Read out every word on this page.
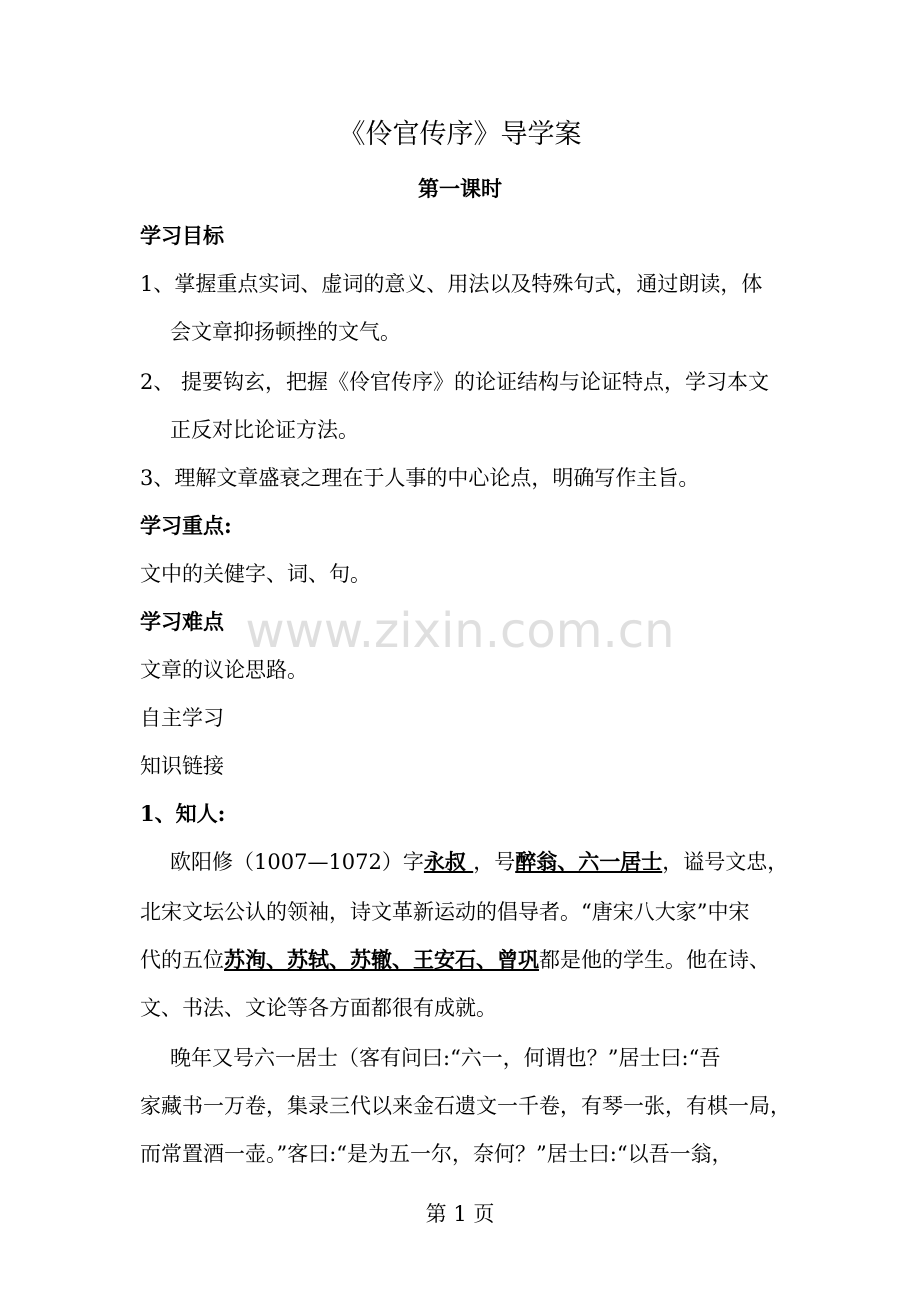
《伶官传序》导学案
第一课时
学习目标
1、掌握重点实词、虚词的意义、用法以及特殊句式，通过朗读，体
会文章抑扬顿挫的文气。
2、 提要钩玄，把握《伶官传序》的论证结构与论证特点，学习本文
正反对比论证方法。
3、理解文章盛衰之理在于人事的中心论点，明确写作主旨。
学习重点:
文中的关健字、词、句。
学习难点
文章的议论思路。
自主学习
知识链接
1、知人:
欧阳修（1007—1072）字永叔 ，号醉翁、六一居士，谥号文忠，
北宋文坛公认的领袖，诗文革新运动的倡导者。“唐宋八大家”中宋
代的五位苏洵、苏轼、苏辙、王安石、曾巩都是他的学生。他在诗、
文、书法、文论等各方面都很有成就。
晚年又号六一居士（客有问曰:“六一，何谓也？”居士曰:“吾
家藏书一万卷，集录三代以来金石遗文一千卷，有琴一张，有棋一局，
而常置酒一壶。”客曰:“是为五一尔，奈何？”居士曰:“以吾一翁，
www.zixin.com.cn
第 1 页
